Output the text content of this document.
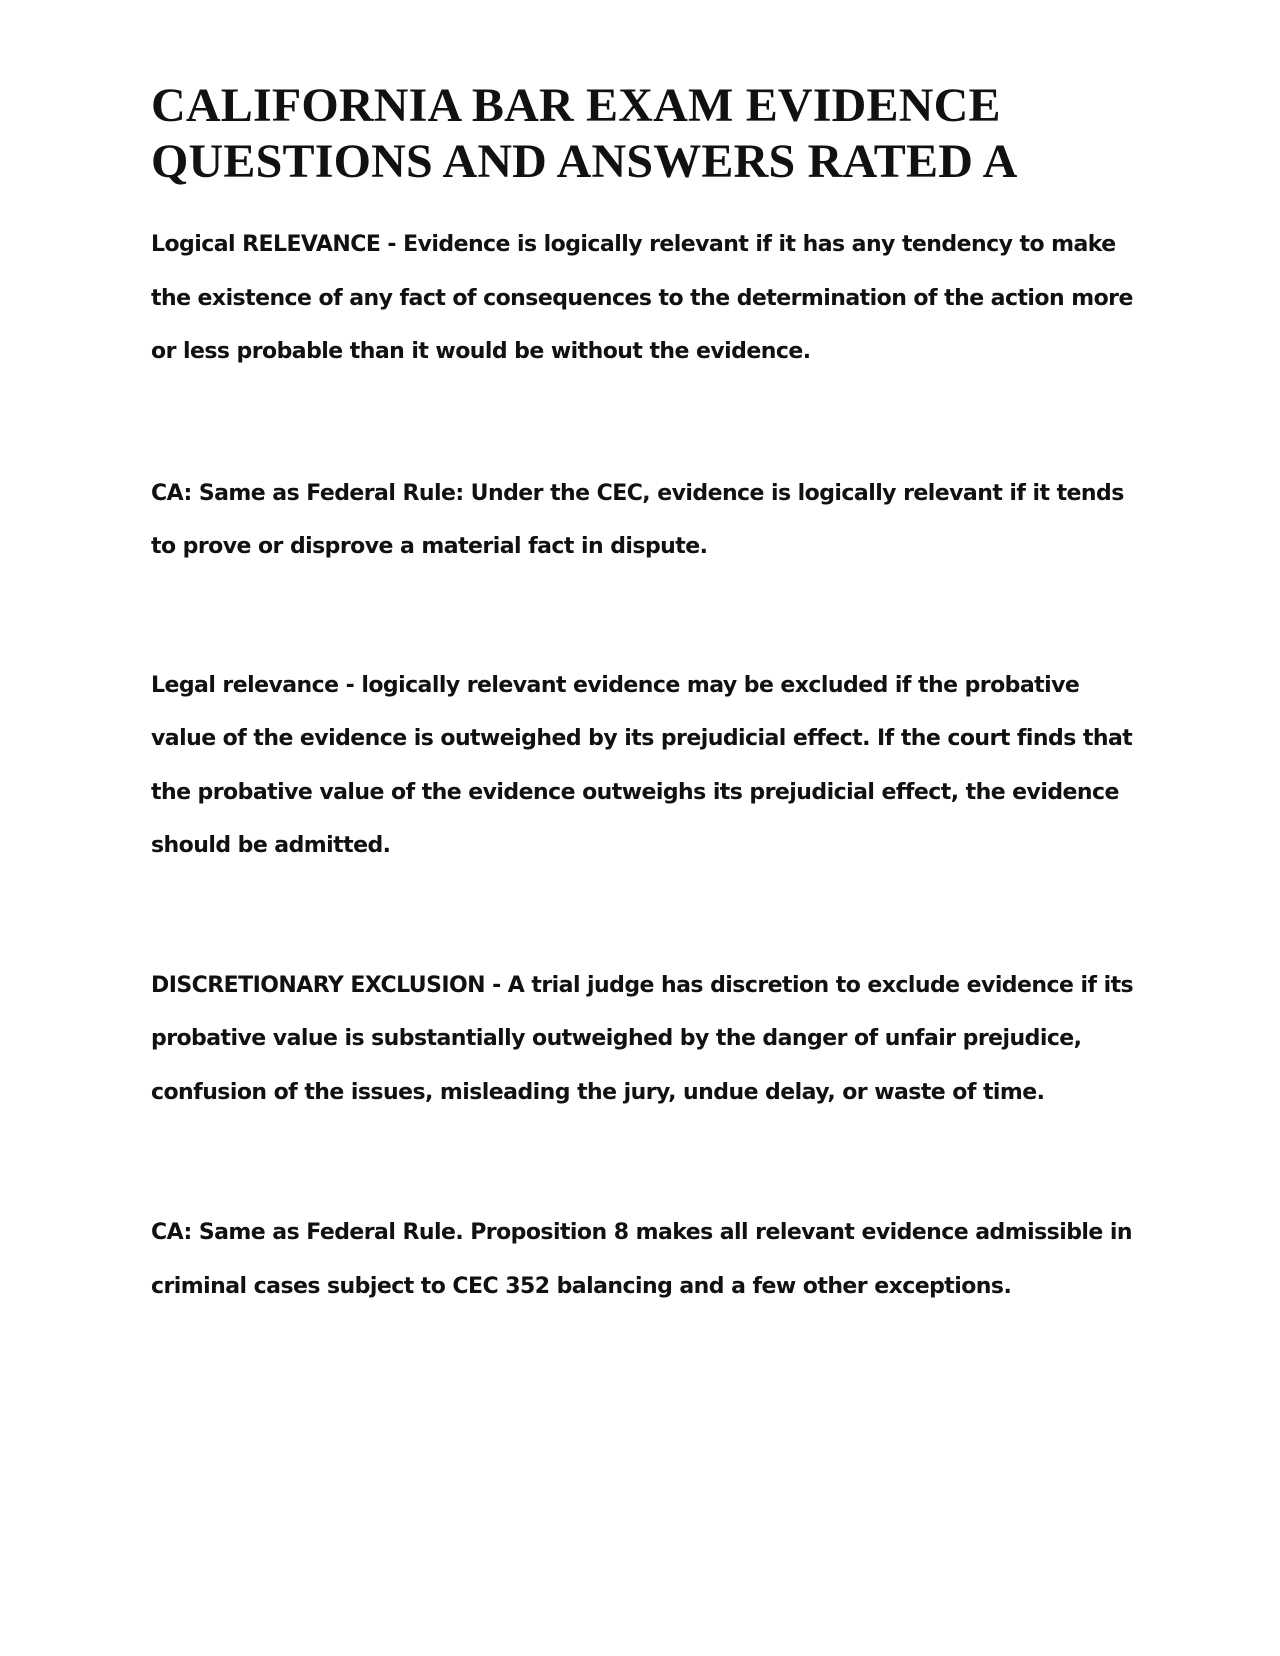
CALIFORNIA BAR EXAM EVIDENCE
QUESTIONS AND ANSWERS RATED A

Logical RELEVANCE - Evidence is logically relevant if it has any tendency to make the existence of any fact of consequences to the determination of the action more or less probable than it would be without the evidence.

CA: Same as Federal Rule: Under the CEC, evidence is logically relevant if it tends to prove or disprove a material fact in dispute.

Legal relevance - logically relevant evidence may be excluded if the probative value of the evidence is outweighed by its prejudicial effect. If the court finds that the probative value of the evidence outweighs its prejudicial effect, the evidence should be admitted.

DISCRETIONARY EXCLUSION - A trial judge has discretion to exclude evidence if its probative value is substantially outweighed by the danger of unfair prejudice, confusion of the issues, misleading the jury, undue delay, or waste of time.

CA: Same as Federal Rule. Proposition 8 makes all relevant evidence admissible in criminal cases subject to CEC 352 balancing and a few other exceptions.
